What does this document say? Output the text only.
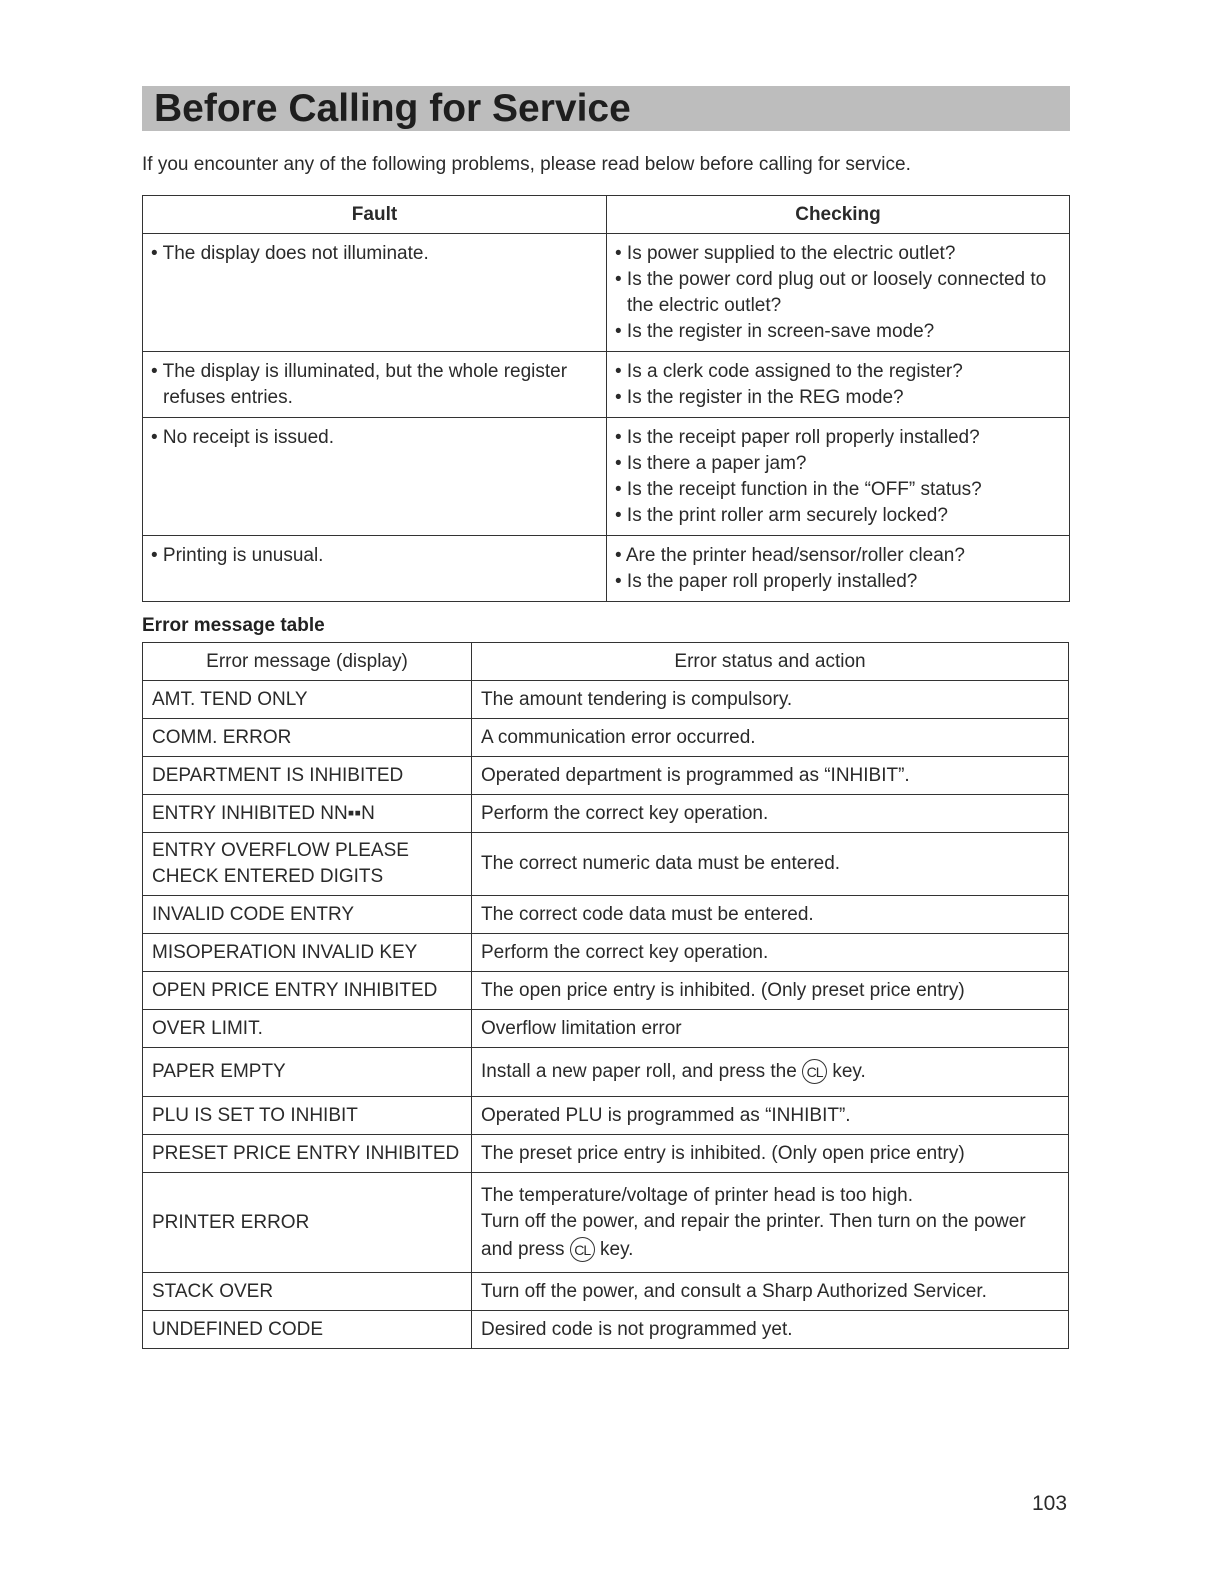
Before Calling for Service
If you encounter any of the following problems, please read below before calling for service.
Fault	Checking

• The display does not illuminate.	• Is power supplied to the electric outlet?
• Is the power cord plug out or loosely connected to the electric outlet?
• Is the register in screen-save mode?

• The display is illuminated, but the whole register refuses entries.	• Is a clerk code assigned to the register?
• Is the register in the REG mode?

• No receipt is issued.	• Is the receipt paper roll properly installed?
• Is there a paper jam?
• Is the receipt function in the “OFF” status?
• Is the print roller arm securely locked?

• Printing is unusual.	• Are the printer head/sensor/roller clean?
• Is the paper roll properly installed?
Error message table
Error message (display)	Error status and action
AMT. TEND ONLY	The amount tendering is compulsory.
COMM. ERROR	A communication error occurred.
DEPARTMENT IS INHIBITED	Operated department is programmed as “INHIBIT”.
ENTRY INHIBITED NN▪▪N	Perform the correct key operation.

ENTRY OVERFLOW PLEASE
CHECK ENTERED DIGITS	The correct numeric data must be entered.
INVALID CODE ENTRY	The correct code data must be entered.
MISOPERATION INVALID KEY	Perform the correct key operation.
OPEN PRICE ENTRY INHIBITED	The open price entry is inhibited. (Only preset price entry)
OVER LIMIT.	Overflow limitation error
PAPER EMPTY	Install a new paper roll, and press the CL key.
PLU IS SET TO INHIBIT	Operated PLU is programmed as “INHIBIT”.
PRESET PRICE ENTRY INHIBITED	The preset price entry is inhibited. (Only open price entry)
PRINTER ERROR	The temperature/voltage of printer head is too high.
Turn off the power, and repair the printer. Then turn on the power
and press CL key.

STACK OVER	Turn off the power, and consult a Sharp Authorized Servicer.
UNDEFINED CODE	Desired code is not programmed yet.
103
